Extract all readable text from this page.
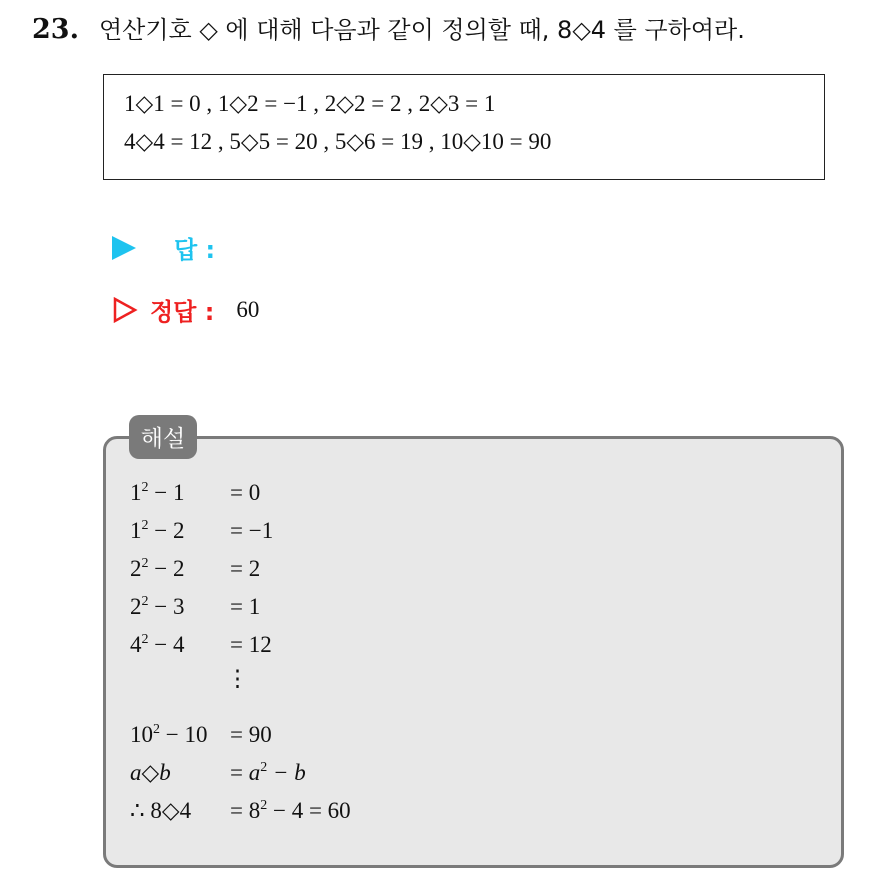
23. 연산기호 ◇ 에 대해 다음과 같이 정의할 때, 8◇4 를 구하여라.
1◇1 = 0 , 1◇2 = −1 , 2◇2 = 2 , 2◇3 = 1
4◇4 = 12 , 5◇5 = 20 , 5◇6 = 19 , 10◇10 = 90
답 :
정답 : 60
해설
$1^2 - 1 = 0$
$1^2 - 2 = -1$
$2^2 - 2 = 2$
$2^2 - 3 = 1$
$4^2 - 4 = 12$
⋮
$10^2 - 10 = 90$
a◇b	= $a^2 - b$
∴ 8◇4 = $8^2 - 4 = 60$
